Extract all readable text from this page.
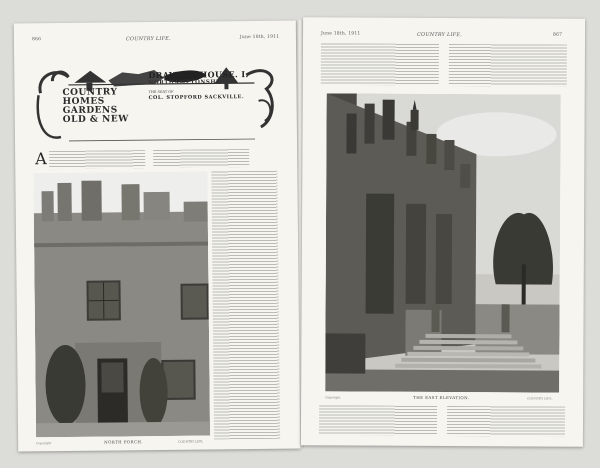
866	COUNTRY LIFE.	June 18th, 1911
COUNTRY
HOMES
GARDENS
OLD & NEW
DRAYTON HOUSE. I.
NORTHAMPTONSHIRE
THE SEAT OF
COL. STOPFORD SACKVILLE.
A
NORTH PORCH.
Copyright	COUNTRY LIFE.
June 18th, 1911	COUNTRY LIFE.	867
THE EAST ELEVATION.
Copyright	COUNTRY LIFE.
